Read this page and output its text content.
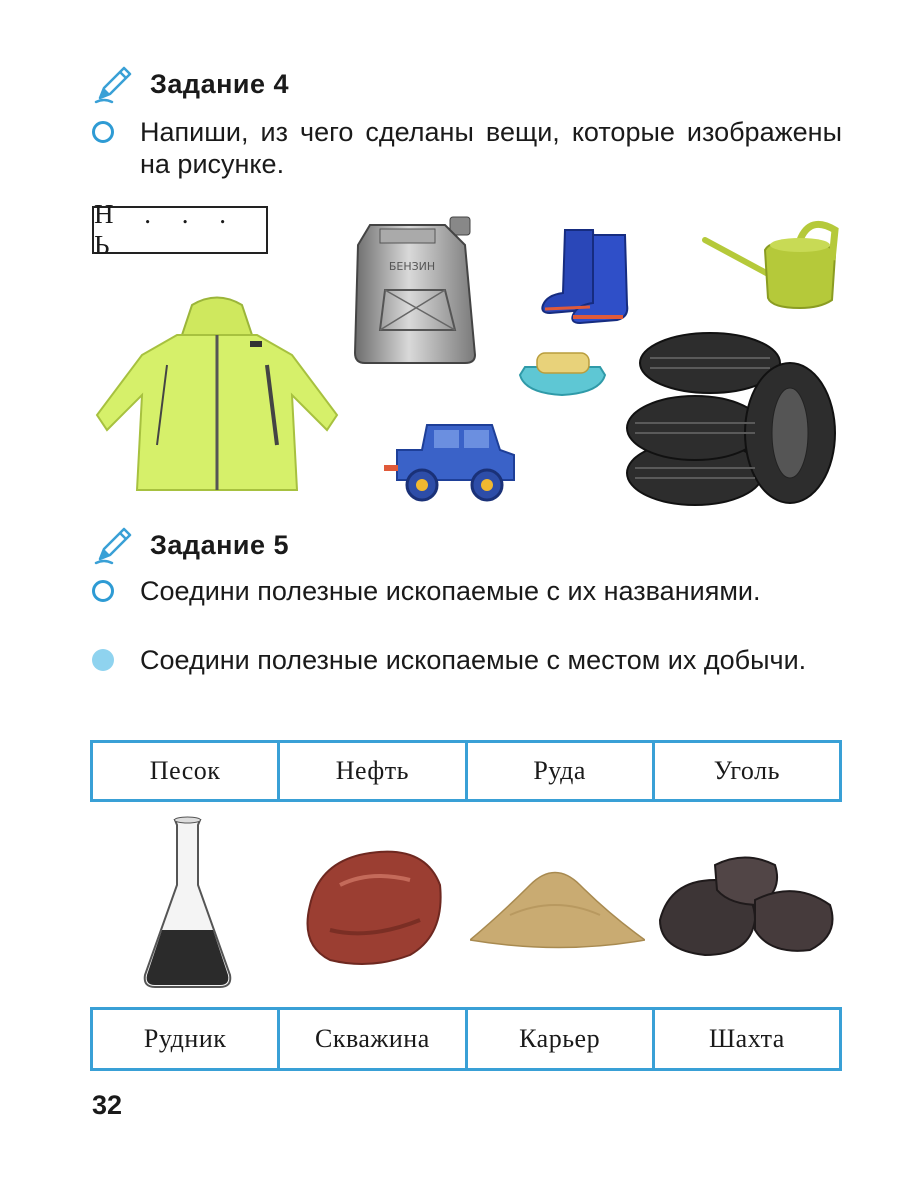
Задание 4
Напиши, из чего сделаны вещи, которые изображены на рисунке.
Н . . . Ь
БЕНЗИН
Задание 5
Соедини полезные ископаемые с их названиями.
Соедини полезные ископаемые с местом их добычи.
Песок	Нефть	Руда	Уголь
Рудник	Скважина	Карьер	Шахта
32
